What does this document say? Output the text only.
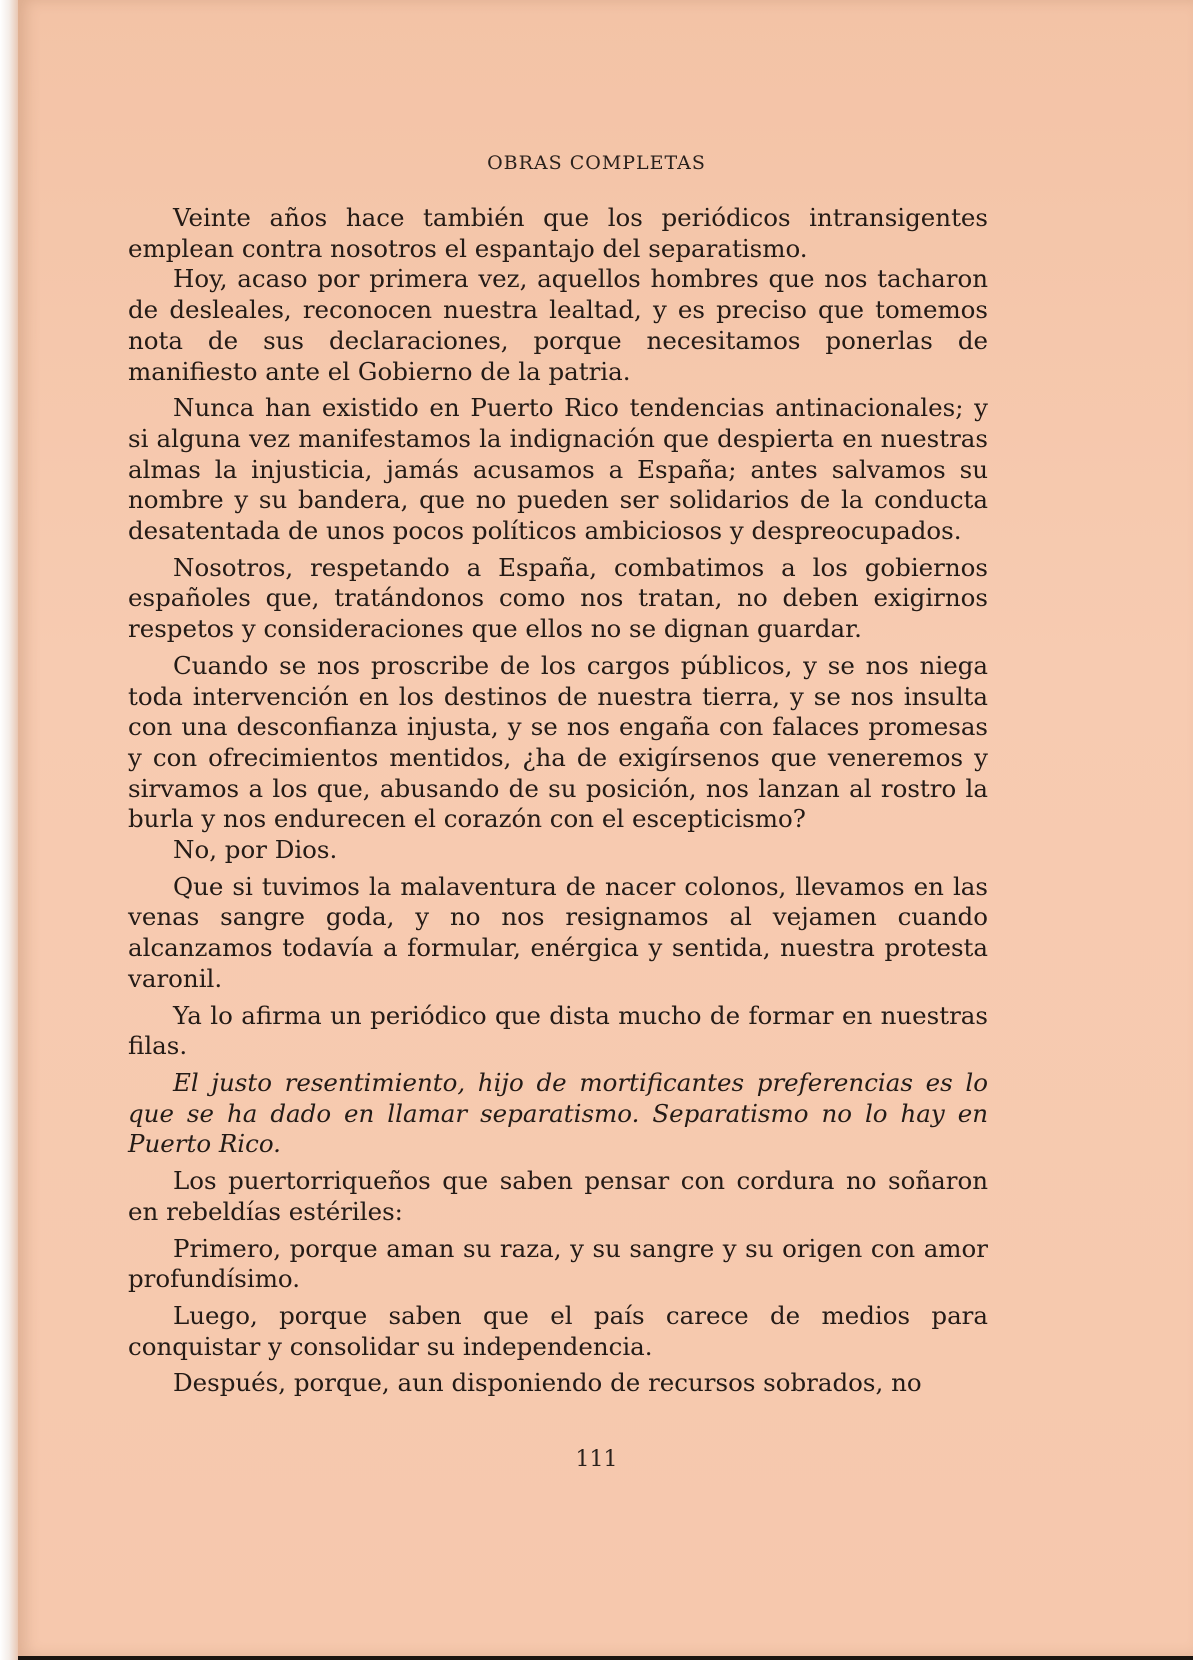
OBRAS COMPLETAS

Veinte años hace también que los periódicos intransigentes emplean contra nosotros el espantajo del separatismo.

Hoy, acaso por primera vez, aquellos hombres que nos tacharon de desleales, reconocen nuestra lealtad, y es preciso que tomemos nota de sus declaraciones, porque necesitamos ponerlas de manifiesto ante el Gobierno de la patria.

Nunca han existido en Puerto Rico tendencias antinacionales; y si alguna vez manifestamos la indignación que despierta en nuestras almas la injusticia, jamás acusamos a España; antes salvamos su nombre y su bandera, que no pueden ser solidarios de la conducta desatentada de unos pocos políticos ambiciosos y despreocupados.

Nosotros, respetando a España, combatimos a los gobiernos españoles que, tratándonos como nos tratan, no deben exigirnos respetos y consideraciones que ellos no se dignan guardar.

Cuando se nos proscribe de los cargos públicos, y se nos niega toda intervención en los destinos de nuestra tierra, y se nos insulta con una desconfianza injusta, y se nos engaña con falaces promesas y con ofrecimientos mentidos, ¿ha de exigírsenos que veneremos y sirvamos a los que, abusando de su posición, nos lanzan al rostro la burla y nos endurecen el corazón con el escepticismo?

No, por Dios.

Que si tuvimos la malaventura de nacer colonos, llevamos en las venas sangre goda, y no nos resignamos al vejamen cuando alcanzamos todavía a formular, enérgica y sentida, nuestra protesta varonil.

Ya lo afirma un periódico que dista mucho de formar en nuestras filas.

El justo resentimiento, hijo de mortificantes preferencias es lo que se ha dado en llamar separatismo. Separatismo no lo hay en Puerto Rico.

Los puertorriqueños que saben pensar con cordura no soñaron en rebeldías estériles:

Primero, porque aman su raza, y su sangre y su origen con amor profundísimo.

Luego, porque saben que el país carece de medios para conquistar y consolidar su independencia.

Después, porque, aun disponiendo de recursos sobrados, no

111
